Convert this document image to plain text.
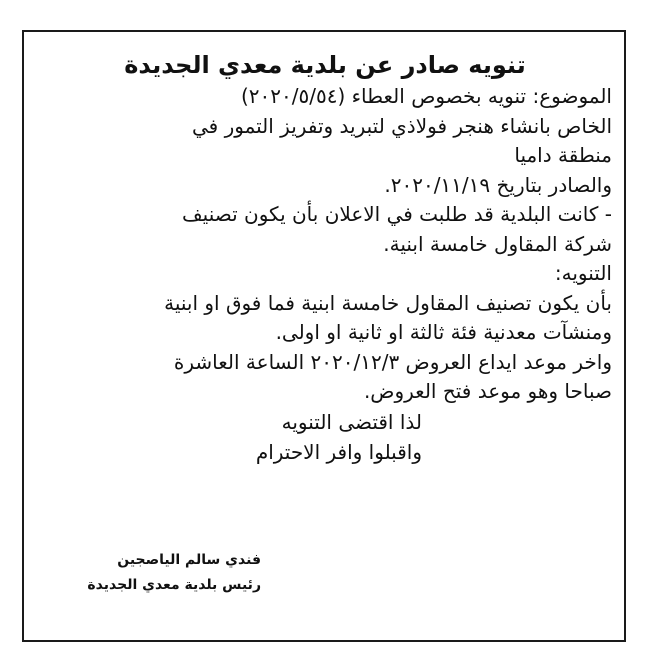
تنويه صادر عن بلدية معدي الجديدة

الموضوع: تنويه بخصوص العطاء (٢٠٢٠/٥/٥٤)

الخاص بانشاء هنجر فولاذي لتبريد وتفريز التمور في

منطقة داميا

والصادر بتاريخ ٢٠٢٠/١١/١٩.

- كانت البلدية قد طلبت في الاعلان بأن يكون تصنيف

شركة المقاول خامسة ابنية.

التنويه:

بأن يكون تصنيف المقاول خامسة ابنية فما فوق او ابنية

ومنشآت معدنية فئة ثالثة او ثانية او اولى.

واخر موعد ايداع العروض ٢٠٢٠/١٢/٣ الساعة العاشرة

صباحا وهو موعد فتح العروض.

لذا اقتضى التنويه

واقبلوا وافر الاحترام

فندي سالم الياصجين
رئيس بلدية معدي الجديدة
